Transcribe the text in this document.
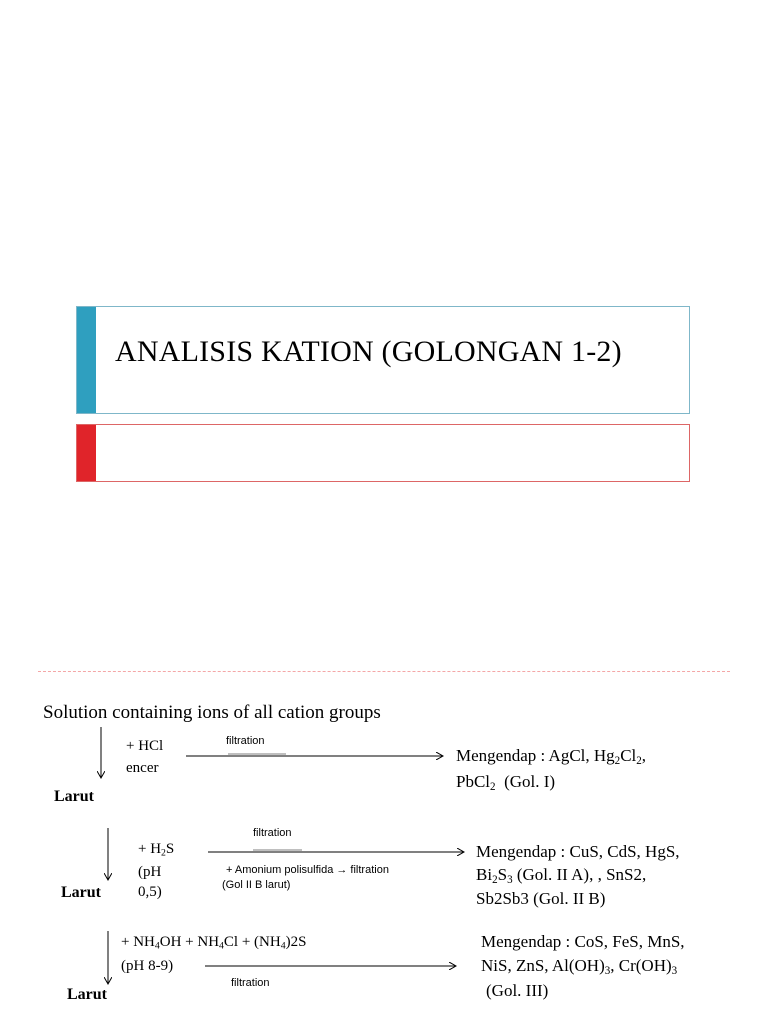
ANALISIS KATION (GOLONGAN 1-2)
Solution containing ions of all cation groups
+ HCl
encer
filtration
Mengendap : AgCl, $Hg_2Cl_2$,
PbCl$_2$  (Gol. I)
Larut
+ $H_2S$
(pH
0,5)
filtration
+ Amonium polisulfida → filtration
(Gol II B larut)
Mengendap : CuS, CdS, HgS,
$Bi_2S_3$ (Gol. II A), , SnS2,
Sb2Sb3 (Gol. II B)
Larut
+ $NH_4OH + NH_4Cl + (NH_4)2S$
(pH 8-9)
filtration
Mengendap : CoS, FeS, MnS,
NiS, ZnS, $Al(OH)_3$, $Cr(OH)_3$
(Gol. III)
Larut
